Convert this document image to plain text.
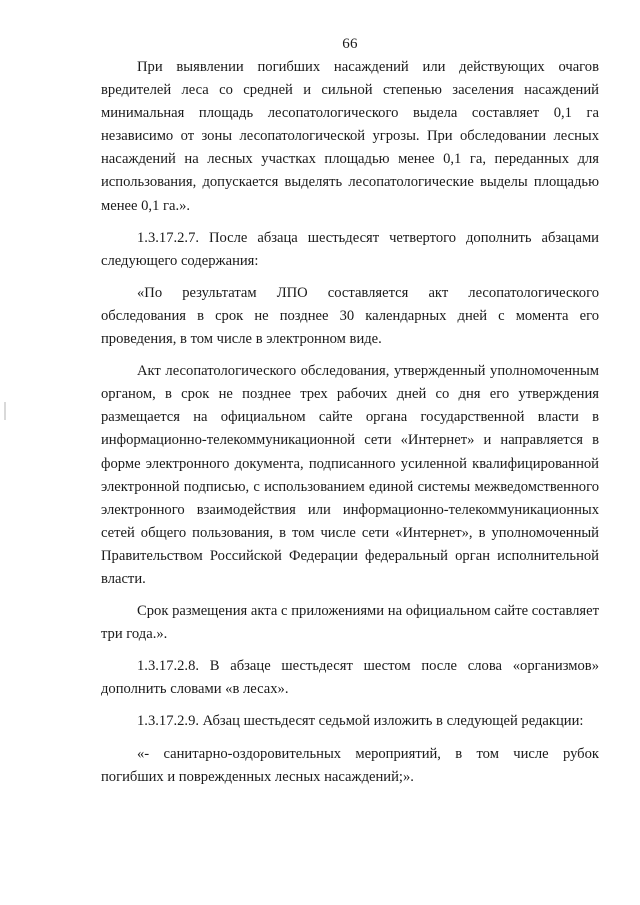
66

При выявлении погибших насаждений или действующих очагов вредителей леса со средней и сильной степенью заселения насаждений минимальная площадь лесопатологического выдела составляет 0,1 га независимо от зоны лесопатологической угрозы. При обследовании лесных насаждений на лесных участках площадью менее 0,1 га, переданных для использования, допускается выделять лесопатологические выделы площадью менее 0,1 га.».

1.3.17.2.7. После абзаца шестьдесят четвертого дополнить абзацами следующего содержания:

«По результатам ЛПО составляется акт лесопатологического обследования в срок не позднее 30 календарных дней с момента его проведения, в том числе в электронном виде.

Акт лесопатологического обследования, утвержденный уполномоченным органом, в срок не позднее трех рабочих дней со дня его утверждения размещается на официальном сайте органа государственной власти в информационно-телекоммуникационной сети «Интернет» и направляется в форме электронного документа, подписанного усиленной квалифицированной электронной подписью, с использованием единой системы межведомственного электронного взаимодействия или информационно-телекоммуникационных сетей общего пользования, в том числе сети «Интернет», в уполномоченный Правительством Российской Федерации федеральный орган исполнительной власти.

Срок размещения акта с приложениями на официальном сайте составляет три года.».

1.3.17.2.8. В абзаце шестьдесят шестом после слова «организмов» дополнить словами «в лесах».

1.3.17.2.9. Абзац шестьдесят седьмой изложить в следующей редакции:

«- санитарно-оздоровительных мероприятий, в том числе рубок погибших и поврежденных лесных насаждений;».
